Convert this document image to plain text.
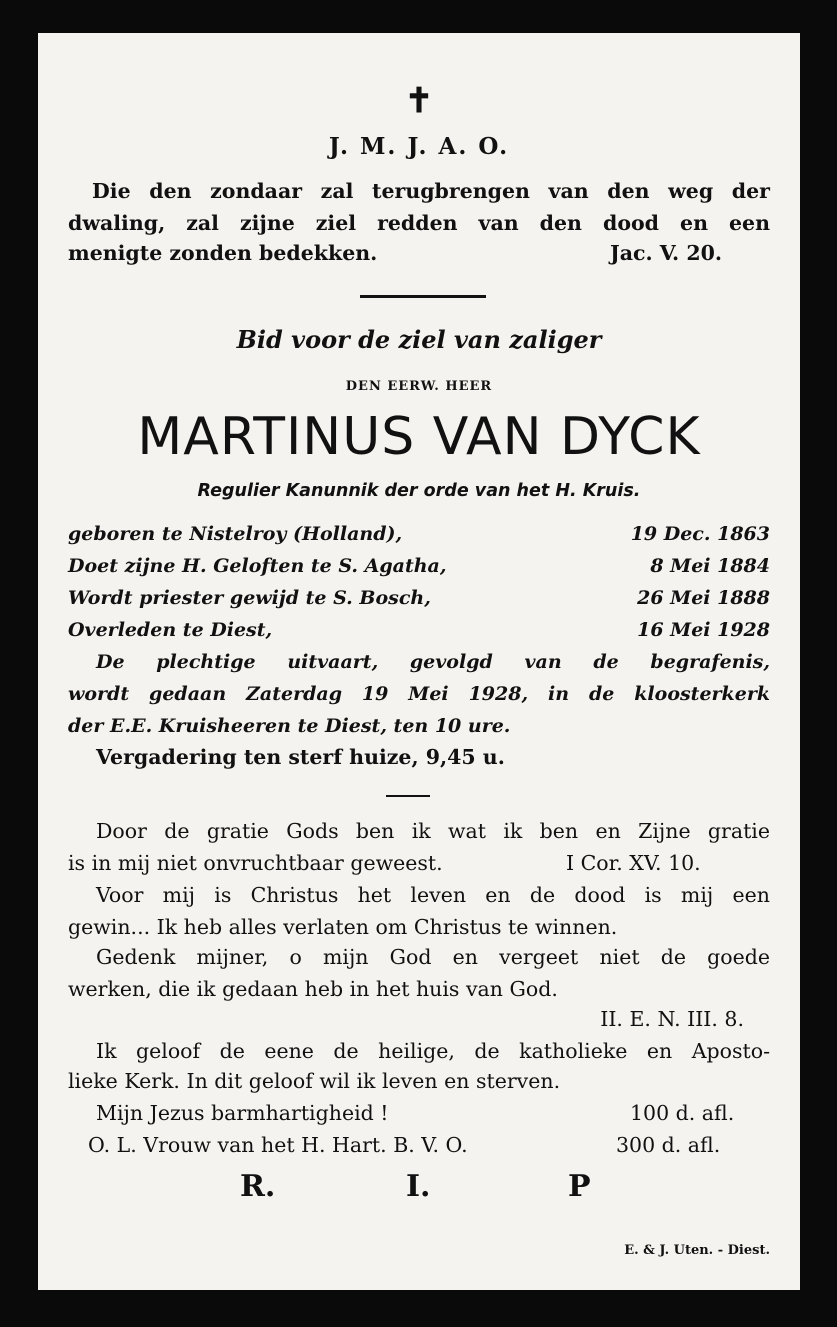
✝
J. M. J. A. O.
Die den zondaar zal terugbrengen van den weg der
dwaling, zal zijne ziel redden van den dood en een
menigte zonden bedekken.	Jac. V. 20.
Bid voor de ziel van zaliger
DEN EERW. HEER
MARTINUS VAN DYCK
Regulier Kanunnik der orde van het H. Kruis.
geboren te Nistelroy (Holland),	19 Dec. 1863
Doet zijne H. Geloften te S. Agatha,	8 Mei 1884
Wordt priester gewijd te S. Bosch,	26 Mei 1888
Overleden te Diest,	16 Mei 1928
De plechtige uitvaart, gevolgd van de begrafenis,
wordt gedaan Zaterdag 19 Mei 1928, in de kloosterkerk
der E.E. Kruisheeren te Diest, ten 10 ure.
Vergadering ten sterf huize, 9,45 u.
Door de gratie Gods ben ik wat ik ben en Zijne gratie
is in mij niet onvruchtbaar geweest.	I Cor. XV. 10.
Voor mij is Christus het leven en de dood is mij een
gewin... Ik heb alles verlaten om Christus te winnen.
Gedenk mijner, o mijn God en vergeet niet de goede
werken, die ik gedaan heb in het huis van God.
II. E. N. III. 8.
Ik geloof de eene de heilige, de katholieke en Aposto-
lieke Kerk. In dit geloof wil ik leven en sterven.
Mijn Jezus barmhartigheid !	100 d. afl.
O. L. Vrouw van het H. Hart. B. V. O.	300 d. afl.
R.	I.	P
E. & J. Uten. - Diest.
